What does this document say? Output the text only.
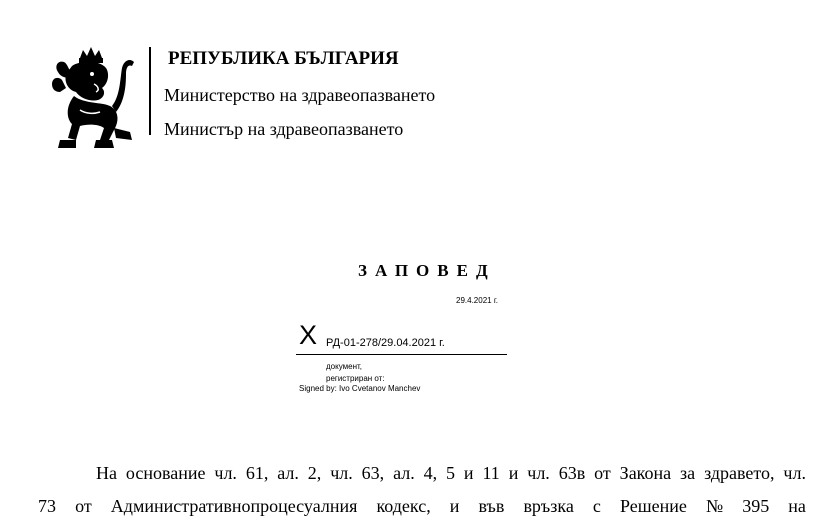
РЕПУБЛИКА БЪЛГАРИЯ
Министерство на здравеопазването
Министър на здравеопазването
ЗАПОВЕД
29.4.2021 г.
X РД-01-278/29.04.2021 г.
документ,
регистриран от:
Signed by: Ivo Cvetanov Manchev
На основание чл. 61, ал. 2, чл. 63, ал. 4, 5 и 11 и чл. 63в от Закона за здравето, чл.
73 от Административнопроцесуалния кодекс, и във връзка с Решение № 395 на
